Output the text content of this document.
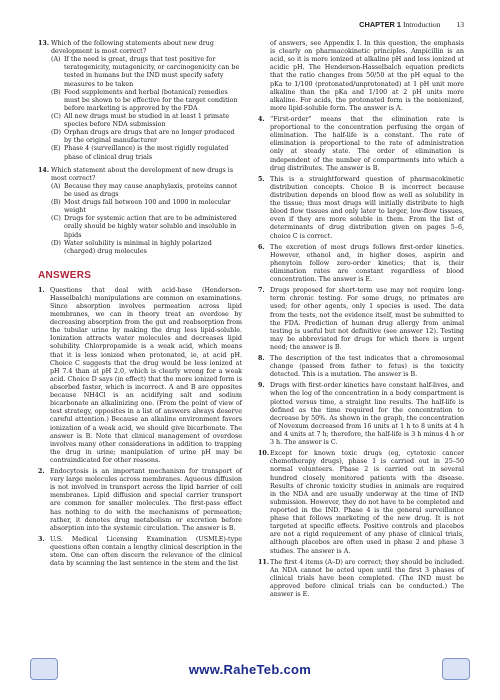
CHAPTER 1 Introduction 13
13. Which of the following statements about new drug development is most correct?
(A) If the need is great, drugs that test positive for teratogenicity, mutagenicity, or carcinogenicity can be tested in humans but the IND must specify safety measures to be taken
(B) Food supplements and herbal (botanical) remedies must be shown to be effective for the target condition before marketing is approved by the FDA
(C) All new drugs must be studied in at least 1 primate species before NDA submission
(D) Orphan drugs are drugs that are no longer produced by the original manufacturer
(E) Phase 4 (surveillance) is the most rigidly regulated phase of clinical drug trials
14. Which statement about the development of new drugs is most correct?
(A) Because they may cause anaphylaxis, proteins cannot be used as drugs
(B) Most drugs fall between 100 and 1000 in molecular weight
(C) Drugs for systemic action that are to be administered orally should be highly water soluble and insoluble in lipids
(D) Water solubility is minimal in highly polarized (charged) drug molecules
ANSWERS
1. Questions that deal with acid-base (Henderson-Hasselbalch) manipulations are common on examinations. Since absorption involves permeation across lipid membranes, we can in theory treat an overdose by decreasing absorption from the gut and reabsorption from the tubular urine by making the drug less lipid-soluble. Ionization attracts water molecules and decreases lipid solubility. Chlorpropamide is a weak acid, which means that it is less ionized when protonated, ie, at acid pH. Choice C suggests that the drug would be less ionized at pH 7.4 than at pH 2.0, which is clearly wrong for a weak acid. Choice D says (in effect) that the more ionized form is absorbed faster, which is incorrect. A and B are opposites because NH4Cl is an acidifying salt and sodium bicarbonate an alkalinizing one. (From the point of view of test strategy, opposites in a list of answers always deserve careful attention.) Because an alkaline environment favors ionization of a weak acid, we should give bicarbonate. The answer is B. Note that clinical management of overdose involves many other considerations in addition to trapping the drug in urine; manipulation of urine pH may be contraindicated for other reasons.
2. Endocytosis is an important mechanism for transport of very large molecules across membranes. Aqueous diffusion is not involved in transport across the lipid barrier of cell membranes. Lipid diffusion and special carrier transport are common for smaller molecules. The first-pass effect has nothing to do with the mechanisms of permeation; rather, it denotes drug metabolism or excretion before absorption into the systemic circulation. The answer is B.
3. U.S. Medical Licensing Examination (USMLE)-type questions often contain a lengthy clinical description in the stem. One can often discern the relevance of the clinical data by scanning the last sentence in the stem and the list
of answers, see Appendix I. In this question, the emphasis is clearly on pharmacokinetic principles. Ampicillin is an acid, so it is more ionized at alkaline pH and less ionized at acidic pH. The Henderson-Hasselbalch equation predicts that the ratio changes from 50/50 at the pH equal to the pKa to 1/100 (protonated/unprotonated) at 1 pH unit more alkaline than the pKa and 1/100 at 2 pH units more alkaline. For acids, the protonated form is the nonionized, more lipid-soluble form. The answer is A.
4. “First-order” means that the elimination rate is proportional to the concentration perfusing the organ of elimination. The half-life is a constant. The rate of elimination is proportional to the rate of administration only at steady state. The order of elimination is independent of the number of compartments into which a drug distributes. The answer is B.
5. This is a straightforward question of pharmacokinetic distribution concepts. Choice B is incorrect because distribution depends on blood flow as well as solubility in the tissue; thus most drugs will initially distribute to high blood flow tissues and only later to larger, low-flow tissues, even if they are more soluble in them. From the list of determinants of drug distribution given on pages 5–6, choice C is correct.
6. The excretion of most drugs follows first-order kinetics. However, ethanol and, in higher doses, aspirin and phenytoin follow zero-order kinetics; that is, their elimination rates are constant regardless of blood concentration. The answer is E.
7. Drugs proposed for short-term use may not require long-term chronic testing. For some drugs, no primates are used; for other agents, only 1 species is used. The data from the tests, not the evidence itself, must be submitted to the FDA. Prediction of human drug allergy from animal testing is useful but not definitive (see answer 12). Testing may be abbreviated for drugs for which there is urgent need; the answer is B.
8. The description of the test indicates that a chromosomal change (passed from father to fetus) is the toxicity detected. This is a mutation. The answer is B.
9. Drugs with first-order kinetics have constant half-lives, and when the log of the concentration in a body compartment is plotted versus time, a straight line results. The half-life is defined as the time required for the concentration to decrease by 50%. As shown in the graph, the concentration of Novexum decreased from 16 units at 1 h to 8 units at 4 h and 4 units at 7 h; therefore, the half-life is 3 h minus 4 h or 3 h. The answer is C.
10. Except for known toxic drugs (eg, cytotoxic cancer chemotherapy drugs), phase 1 is carried out in 25–50 normal volunteers. Phase 2 is carried out in several hundred closely monitored patients with the disease. Results of chronic toxicity studies in animals are required in the NDA and are usually underway at the time of IND submission. However, they do not have to be completed and reported in the IND. Phase 4 is the general surveillance phase that follows marketing of the new drug. It is not targeted at specific effects. Positive controls and placebos are not a rigid requirement of any phase of clinical trials, although placebos are often used in phase 2 and phase 3 studies. The answer is A.
11. The first 4 items (A–D) are correct; they should be included. An NDA cannot be acted upon until the first 3 phases of clinical trials have been completed. (The IND must be approved before clinical trials can be conducted.) The answer is E.
www.RaheTeb.com
